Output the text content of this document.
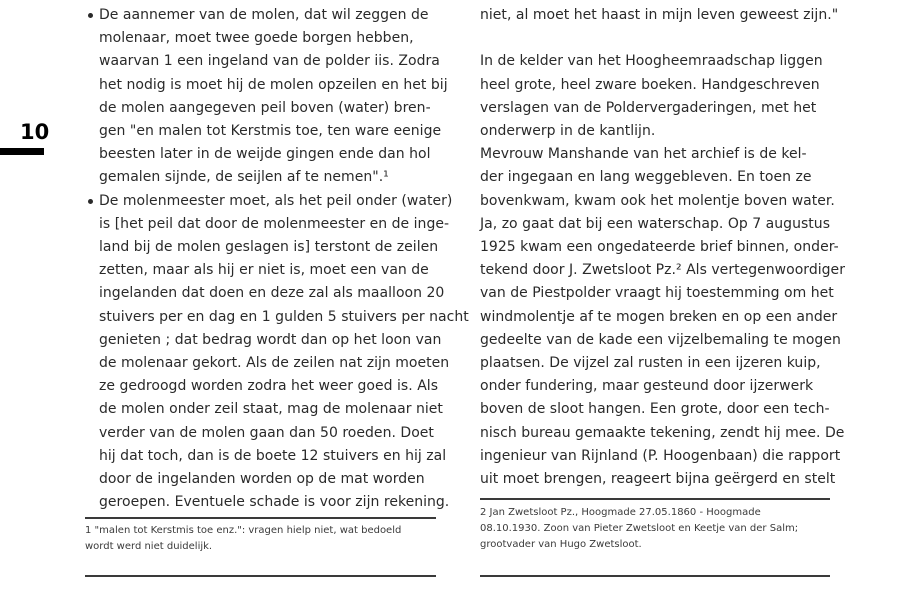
10
De aannemer van de molen, dat wil zeggen de
molenaar, moet twee goede borgen hebben,
waarvan 1 een ingeland van de polder iis. Zodra
het nodig is moet hij de molen opzeilen en het bij
de molen aangegeven peil boven (water) bren-
gen "en malen tot Kerstmis toe, ten ware eenige
beesten later in de weijde gingen ende dan hol
gemalen sijnde, de seijlen af te nemen".¹
De molenmeester moet, als het peil onder (water)
is [het peil dat door de molenmeester en de inge-
land bij de molen geslagen is] terstont de zeilen
zetten, maar als hij er niet is, moet een van de
ingelanden dat doen en deze zal als maalloon 20
stuivers per en dag en 1 gulden 5 stuivers per nacht
genieten ; dat bedrag wordt dan op het loon van
de molenaar gekort. Als de zeilen nat zijn moeten
ze gedroogd worden zodra het weer goed is. Als
de molen onder zeil staat, mag de molenaar niet
verder van de molen gaan dan 50 roeden. Doet
hij dat toch, dan is de boete 12 stuivers en hij zal
door de ingelanden worden op de mat worden
geroepen. Eventuele schade is voor zijn rekening.
1 "malen tot Kerstmis toe enz.": vragen hielp niet, wat bedoeld
wordt werd niet duidelijk.
niet, al moet het haast in mijn leven geweest zijn."
In de kelder van het Hoogheemraadschap liggen
heel grote, heel zware boeken. Handgeschreven
verslagen van de Poldervergaderingen, met het
onderwerp in de kantlijn.
Mevrouw Manshande van het archief is de kel-
der ingegaan en lang weggebleven. En toen ze
bovenkwam, kwam ook het molentje boven water.
Ja, zo gaat dat bij een waterschap. Op 7 augustus
1925 kwam een ongedateerde brief binnen, onder-
tekend door J. Zwetsloot Pz.² Als vertegenwoordiger
van de Piestpolder vraagt hij toestemming om het
windmolentje af te mogen breken en op een ander
gedeelte van de kade een vijzelbemaling te mogen
plaatsen. De vijzel zal rusten in een ijzeren kuip,
onder fundering, maar gesteund door ijzerwerk
boven de sloot hangen. Een grote, door een tech-
nisch bureau gemaakte tekening, zendt hij mee. De
ingenieur van Rijnland (P. Hoogenbaan) die rapport
uit moet brengen, reageert bijna geërgerd en stelt
2 Jan Zwetsloot Pz., Hoogmade 27.05.1860 - Hoogmade
08.10.1930. Zoon van Pieter Zwetsloot en Keetje van der Salm;
grootvader van Hugo Zwetsloot.
